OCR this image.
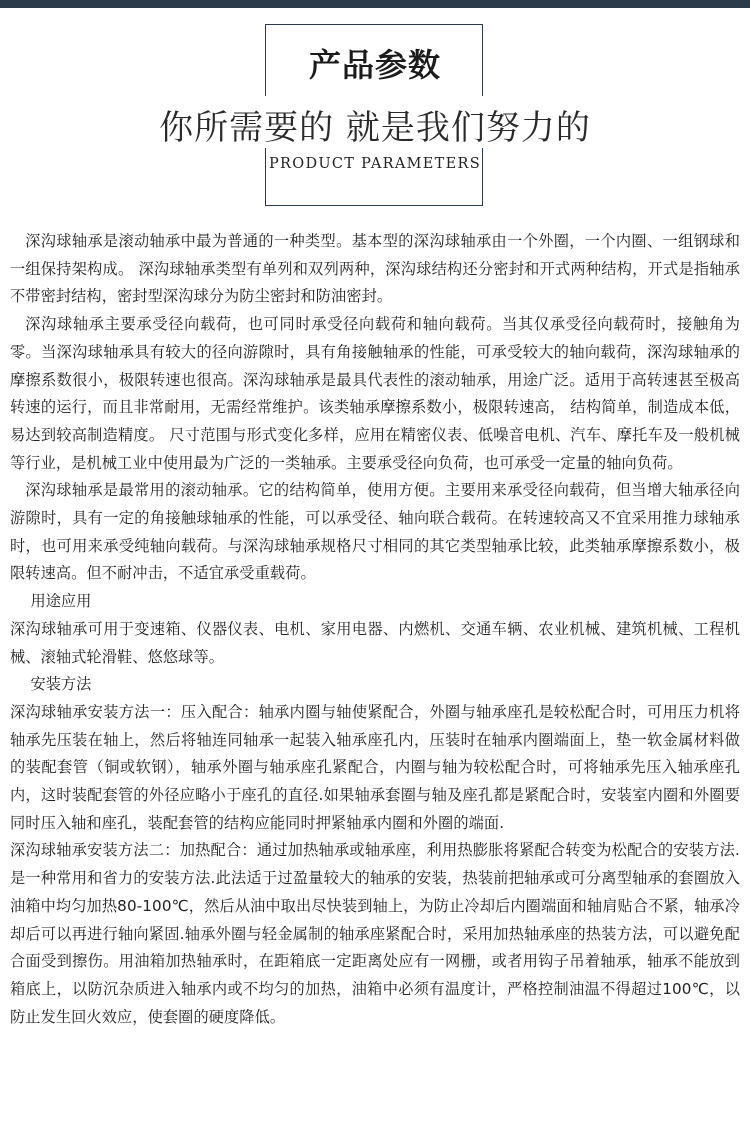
产品参数
你所需要的 就是我们努力的
PRODUCT PARAMETERS

深沟球轴承是滚动轴承中最为普通的一种类型。基本型的深沟球轴承由一个外圈，一个内圈、一组钢球和一组保持架构成。 深沟球轴承类型有单列和双列两种，深沟球结构还分密封和开式两种结构，开式是指轴承不带密封结构，密封型深沟球分为防尘密封和防油密封。

深沟球轴承主要承受径向载荷，也可同时承受径向载荷和轴向载荷。当其仅承受径向载荷时，接触角为零。当深沟球轴承具有较大的径向游隙时，具有角接触轴承的性能，可承受较大的轴向载荷，深沟球轴承的摩擦系数很小，极限转速也很高。深沟球轴承是最具代表性的滚动轴承，用途广泛。适用于高转速甚至极高转速的运行，而且非常耐用，无需经常维护。该类轴承摩擦系数小，极限转速高， 结构简单，制造成本低，易达到较高制造精度。 尺寸范围与形式变化多样，应用在精密仪表、低噪音电机、汽车、摩托车及一般机械等行业，是机械工业中使用最为广泛的一类轴承。主要承受径向负荷，也可承受一定量的轴向负荷。

深沟球轴承是最常用的滚动轴承。它的结构简单，使用方便。主要用来承受径向载荷，但当增大轴承径向游隙时，具有一定的角接触球轴承的性能，可以承受径、轴向联合载荷。在转速较高又不宜采用推力球轴承时，也可用来承受纯轴向载荷。与深沟球轴承规格尺寸相同的其它类型轴承比较，此类轴承摩擦系数小，极限转速高。但不耐冲击，不适宜承受重载荷。

用途应用

深沟球轴承可用于变速箱、仪器仪表、电机、家用电器、内燃机、交通车辆、农业机械、建筑机械、工程机械、滚轴式轮滑鞋、悠悠球等。

安装方法

深沟球轴承安装方法一：压入配合：轴承内圈与轴使紧配合，外圈与轴承座孔是较松配合时，可用压力机将轴承先压装在轴上，然后将轴连同轴承一起装入轴承座孔内，压装时在轴承内圈端面上，垫一软金属材料做的装配套管（铜或软钢），轴承外圈与轴承座孔紧配合，内圈与轴为较松配合时，可将轴承先压入轴承座孔内，这时装配套管的外径应略小于座孔的直径.如果轴承套圈与轴及座孔都是紧配合时，安装室内圈和外圈要同时压入轴和座孔，装配套管的结构应能同时押紧轴承内圈和外圈的端面.

深沟球轴承安装方法二：加热配合：通过加热轴承或轴承座，利用热膨胀将紧配合转变为松配合的安装方法.是一种常用和省力的安装方法.此法适于过盈量较大的轴承的安装，热装前把轴承或可分离型轴承的套圈放入油箱中均匀加热80-100℃，然后从油中取出尽快装到轴上，为防止冷却后内圈端面和轴肩贴合不紧，轴承冷却后可以再进行轴向紧固.轴承外圈与轻金属制的轴承座紧配合时，采用加热轴承座的热装方法，可以避免配合面受到擦伤。用油箱加热轴承时，在距箱底一定距离处应有一网栅，或者用钩子吊着轴承，轴承不能放到箱底上，以防沉杂质进入轴承内或不均匀的加热，油箱中必须有温度计，严格控制油温不得超过100℃，以防止发生回火效应，使套圈的硬度降低。
